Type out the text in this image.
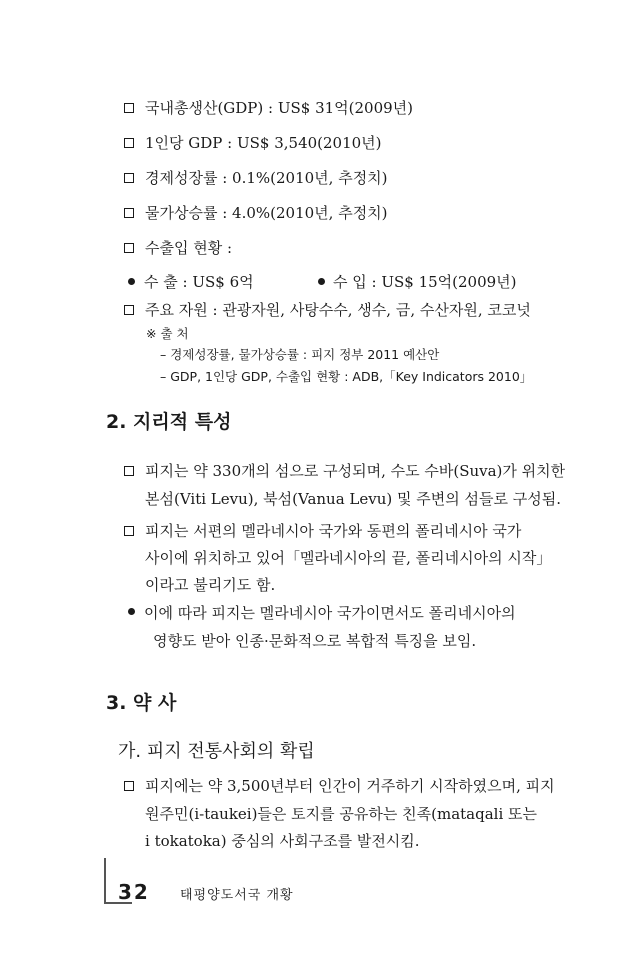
국내총생산(GDP) : US$ 31억(2009년)
1인당 GDP : US$ 3,540(2010년)
경제성장률 : 0.1%(2010년, 추정치)
물가상승률 : 4.0%(2010년, 추정치)
수출입 현황 :
수 출 : US$ 6억	수 입 : US$ 15억(2009년)
주요 자원 : 관광자원, 사탕수수, 생수, 금, 수산자원, 코코넛
※ 출 처
– 경제성장률, 물가상승률 : 피지 정부 2011 예산안
– GDP, 1인당 GDP, 수출입 현황 : ADB,「Key Indicators 2010」
2. 지리적 특성
피지는 약 330개의 섬으로 구성되며, 수도 수바(Suva)가 위치한
본섬(Viti Levu), 북섬(Vanua Levu) 및 주변의 섬들로 구성됨.
피지는 서편의 멜라네시아 국가와 동편의 폴리네시아 국가
사이에 위치하고 있어「멜라네시아의 끝, 폴리네시아의 시작」
이라고 불리기도 함.
이에 따라 피지는 멜라네시아 국가이면서도 폴리네시아의
영향도 받아 인종·문화적으로 복합적 특징을 보임.
3. 약 사
가. 피지 전통사회의 확립
피지에는 약 3,500년부터 인간이 거주하기 시작하였으며, 피지
원주민(i-taukei)들은 토지를 공유하는 친족(mataqali 또는
i tokatoka) 중심의 사회구조를 발전시킴.
32 태평양도서국 개황
